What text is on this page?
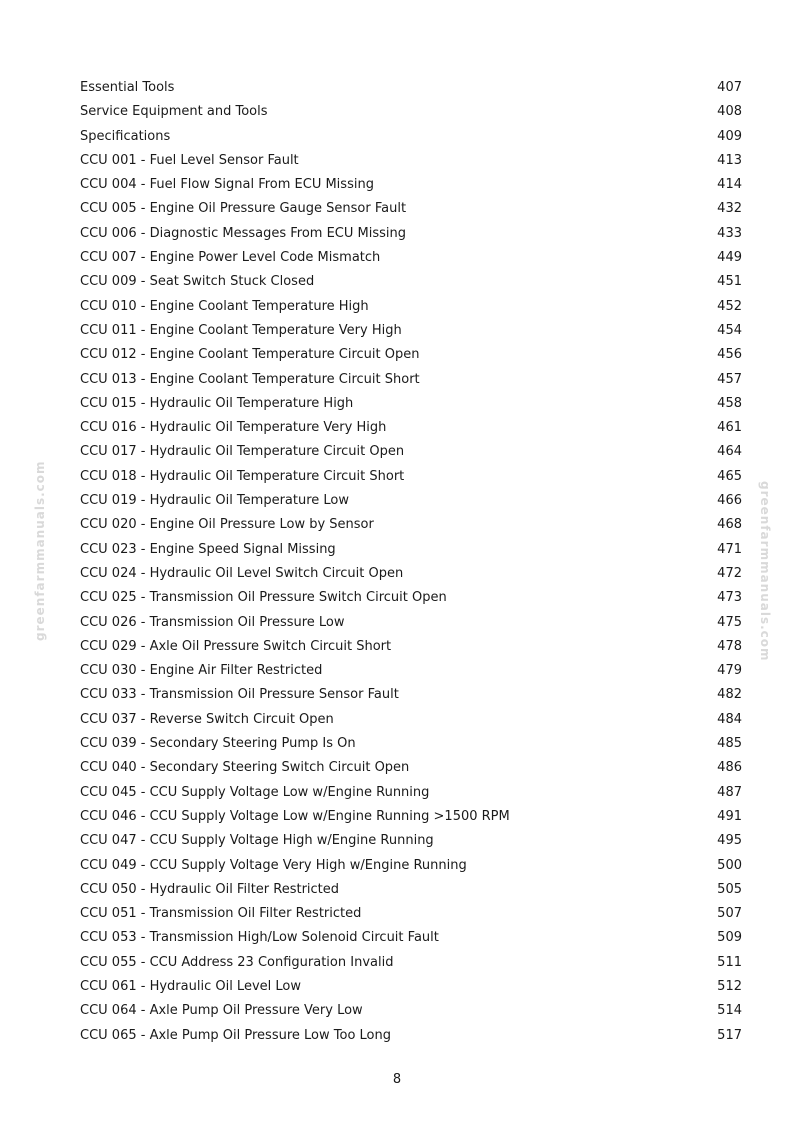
greenfarmmanuals.com	greenfarmmanuals.com
Essential Tools	407
Service Equipment and Tools	408
Specifications	409
CCU 001 - Fuel Level Sensor Fault	413
CCU 004 - Fuel Flow Signal From ECU Missing	414
CCU 005 - Engine Oil Pressure Gauge Sensor Fault	432
CCU 006 - Diagnostic Messages From ECU Missing	433
CCU 007 - Engine Power Level Code Mismatch	449
CCU 009 - Seat Switch Stuck Closed	451
CCU 010 - Engine Coolant Temperature High	452
CCU 011 - Engine Coolant Temperature Very High	454
CCU 012 - Engine Coolant Temperature Circuit Open	456
CCU 013 - Engine Coolant Temperature Circuit Short	457
CCU 015 - Hydraulic Oil Temperature High	458
CCU 016 - Hydraulic Oil Temperature Very High	461
CCU 017 - Hydraulic Oil Temperature Circuit Open	464
CCU 018 - Hydraulic Oil Temperature Circuit Short	465
CCU 019 - Hydraulic Oil Temperature Low	466
CCU 020 - Engine Oil Pressure Low by Sensor	468
CCU 023 - Engine Speed Signal Missing	471
CCU 024 - Hydraulic Oil Level Switch Circuit Open	472
CCU 025 - Transmission Oil Pressure Switch Circuit Open	473
CCU 026 - Transmission Oil Pressure Low	475
CCU 029 - Axle Oil Pressure Switch Circuit Short	478
CCU 030 - Engine Air Filter Restricted	479
CCU 033 - Transmission Oil Pressure Sensor Fault	482
CCU 037 - Reverse Switch Circuit Open	484
CCU 039 - Secondary Steering Pump Is On	485
CCU 040 - Secondary Steering Switch Circuit Open	486
CCU 045 - CCU Supply Voltage Low w/Engine Running	487
CCU 046 - CCU Supply Voltage Low w/Engine Running >1500 RPM	491
CCU 047 - CCU Supply Voltage High w/Engine Running	495
CCU 049 - CCU Supply Voltage Very High w/Engine Running	500
CCU 050 - Hydraulic Oil Filter Restricted	505
CCU 051 - Transmission Oil Filter Restricted	507
CCU 053 - Transmission High/Low Solenoid Circuit Fault	509
CCU 055 - CCU Address 23 Configuration Invalid	511
CCU 061 - Hydraulic Oil Level Low	512
CCU 064 - Axle Pump Oil Pressure Very Low	514
CCU 065 - Axle Pump Oil Pressure Low Too Long	517
8
